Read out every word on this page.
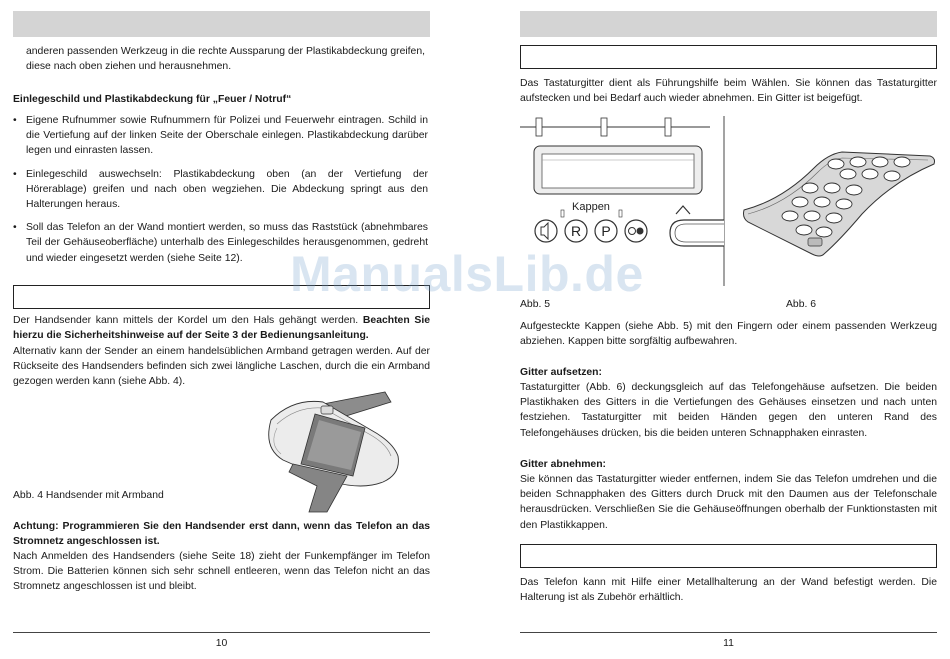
anderen passenden Werkzeug in die rechte Aussparung der Plastikabdeckung greifen, diese nach oben ziehen und herausnehmen.

Einlegeschild und Plastikabdeckung für „Feuer / Notruf“

• Eigene Rufnummer sowie Rufnummern für Polizei und Feuerwehr eintragen. Schild in die Vertiefung auf der linken Seite der Oberschale einlegen. Plastikabdeckung darüber legen und einrasten lassen.
• Einlegeschild auswechseln: Plastikabdeckung oben (an der Vertiefung der Hörerablage) greifen und nach oben wegziehen. Die Abdeckung springt aus den Halterungen heraus.
• Soll das Telefon an der Wand montiert werden, so muss das Raststück (abnehmbares Teil der Gehäuseoberfläche) unterhalb des Einlegeschildes herausgenommen, gedreht und wieder eingesetzt werden (siehe Seite 12).
Der Handsender kann mittels der Kordel um den Hals gehängt werden. Beachten Sie hierzu die Sicherheitshinweise auf der Seite 3 der Bedienungsanleitung.

Alternativ kann der Sender an einem handelsüblichen Armband getragen werden. Auf der Rückseite des Handsenders befinden sich zwei längliche Laschen, durch die ein Armband gezogen werden kann (siehe Abb. 4).

Abb. 4 Handsender mit Armband

Achtung: Programmieren Sie den Handsender erst dann, wenn das Telefon an das Stromnetz angeschlossen ist.

Nach Anmelden des Handsenders (siehe Seite 18) zieht der Funkempfänger im Telefon Strom. Die Batterien können sich sehr schnell entleeren, wenn das Telefon nicht an das Stromnetz angeschlossen ist und bleibt.

10

Das Tastaturgitter dient als Führungshilfe beim Wählen. Sie können das Tastaturgitter aufstecken und bei Bedarf auch wieder abnehmen. Ein Gitter ist beigefügt.

Kappen
R P
Abb. 5	Abb. 6

Aufgesteckte Kappen (siehe Abb. 5) mit den Fingern oder einem passenden Werkzeug abziehen. Kappen bitte sorgfältig aufbewahren.

Gitter aufsetzen:

Tastaturgitter (Abb. 6) deckungsgleich auf das Telefongehäuse aufsetzen. Die beiden Plastikhaken des Gitters in die Vertiefungen des Gehäuses einsetzen und nach unten festziehen. Tastaturgitter mit beiden Händen gegen den unteren Rand des Telefongehäuses drücken, bis die beiden unteren Schnapphaken einrasten.

Gitter abnehmen:

Sie können das Tastaturgitter wieder entfernen, indem Sie das Telefon umdrehen und die beiden Schnapphaken des Gitters durch Druck mit den Daumen aus der Telefonschale herausdrücken. Verschließen Sie die Gehäuseöffnungen oberhalb der Funktionstasten mit den Plastikkappen.

Das Telefon kann mit Hilfe einer Metallhalterung an der Wand befestigt werden. Die Halterung ist als Zubehör erhältlich.

11
ManualsLib.de
